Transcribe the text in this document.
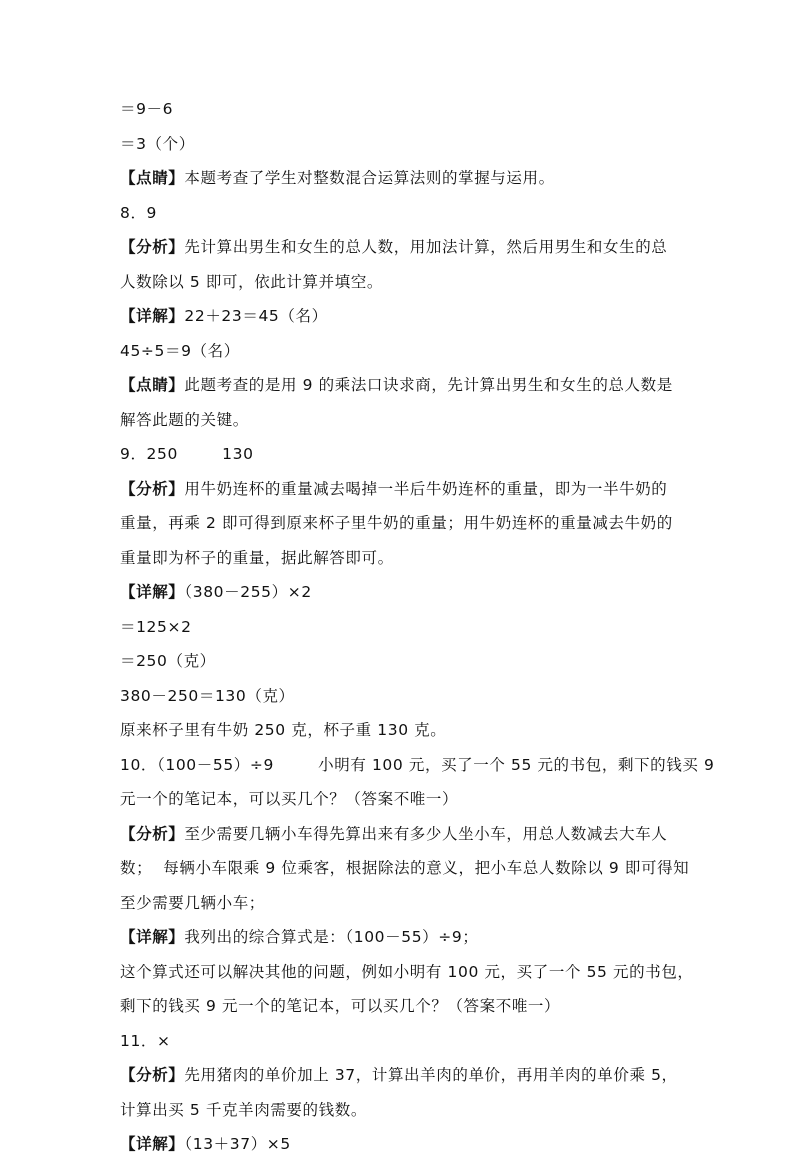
＝9－6
＝3（个）
【点睛】本题考查了学生对整数混合运算法则的掌握与运用。
8．9
【分析】先计算出男生和女生的总人数，用加法计算，然后用男生和女生的总
人数除以 5 即可，依此计算并填空。
【详解】22＋23＝45（名）
45÷5＝9（名）
【点睛】此题考查的是用 9 的乘法口诀求商，先计算出男生和女生的总人数是
解答此题的关键。
9．250        130
【分析】用牛奶连杯的重量减去喝掉一半后牛奶连杯的重量，即为一半牛奶的
重量，再乘 2 即可得到原来杯子里牛奶的重量；用牛奶连杯的重量减去牛奶的
重量即为杯子的重量，据此解答即可。
【详解】（380－255）×2
＝125×2
＝250（克）
380－250＝130（克）
原来杯子里有牛奶 250 克，杯子重 130 克。
10．（100－55）÷9        小明有 100 元，买了一个 55 元的书包，剩下的钱买 9
元一个的笔记本，可以买几个？（答案不唯一）
【分析】至少需要几辆小车得先算出来有多少人坐小车，用总人数减去大车人
数；  每辆小车限乘 9 位乘客，根据除法的意义，把小车总人数除以 9 即可得知
至少需要几辆小车；
【详解】我列出的综合算式是：（100－55）÷9；
这个算式还可以解决其他的问题，例如小明有 100 元，买了一个 55 元的书包，
剩下的钱买 9 元一个的笔记本，可以买几个？（答案不唯一）
11．×
【分析】先用猪肉的单价加上 37，计算出羊肉的单价，再用羊肉的单价乘 5，
计算出买 5 千克羊肉需要的钱数。
【详解】（13＋37）×5
